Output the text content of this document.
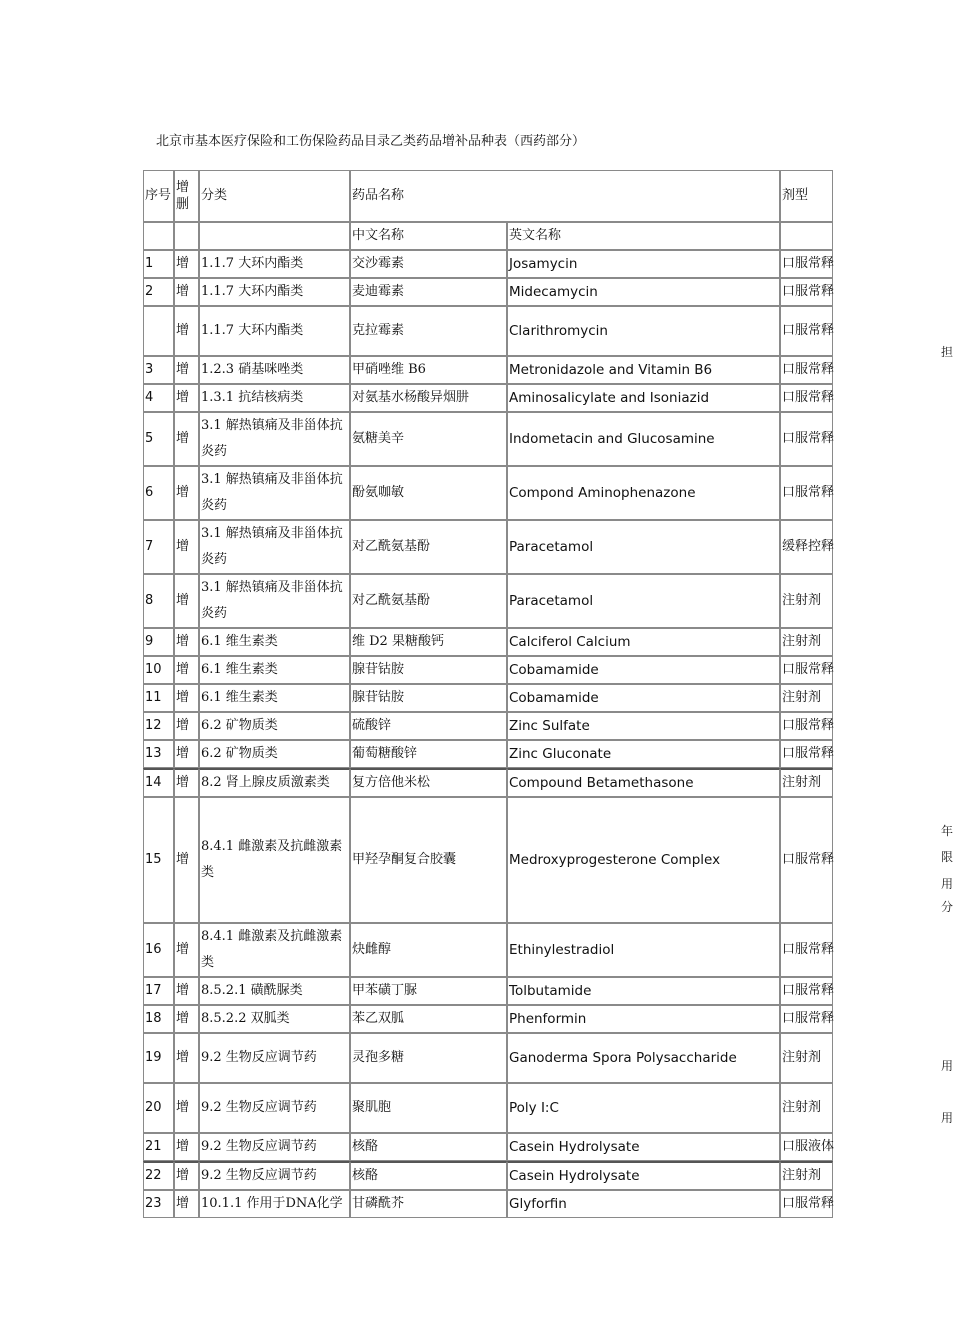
北京市基本医疗保险和工伤保险药品目录乙类药品增补品种表（西药部分）
序号	增删	分类	药品名称		剂型
			中文名称	英文名称	
1	增	1.1.7 大环内酯类	交沙霉素	Josamycin	口服常释
2	增	1.1.7 大环内酯类	麦迪霉素	Midecamycin	口服常释
	增	1.1.7 大环内酯类	克拉霉素	Clarithromycin	口服常释
3	增	1.2.3 硝基咪唑类	甲硝唑维 B6	Metronidazole and Vitamin B6	口服常释
4	增	1.3.1 抗结核病类	对氨基水杨酸异烟肼	Aminosalicylate and Isoniazid	口服常释
5	增	3.1 解热镇痛及非甾体抗炎药	氨糖美辛	Indometacin and Glucosamine	口服常释
6	增	3.1 解热镇痛及非甾体抗炎药	酚氨咖敏	Compond Aminophenazone	口服常释
7	增	3.1 解热镇痛及非甾体抗炎药	对乙酰氨基酚	Paracetamol	缓释控释
8	增	3.1 解热镇痛及非甾体抗炎药	对乙酰氨基酚	Paracetamol	注射剂
9	增	6.1 维生素类	维 D2 果糖酸钙	Calciferol Calcium	注射剂
10	增	6.1 维生素类	腺苷钴胺	Cobamamide	口服常释
11	增	6.1 维生素类	腺苷钴胺	Cobamamide	注射剂
12	增	6.2 矿物质类	硫酸锌	Zinc Sulfate	口服常释
13	增	6.2 矿物质类	葡萄糖酸锌	Zinc Gluconate	口服常释
14	增	8.2 肾上腺皮质激素类	复方倍他米松	Compound Betamethasone	注射剂
15	增	8.4.1 雌激素及抗雌激素类	甲羟孕酮复合胶囊	Medroxyprogesterone Complex	口服常释
16	增	8.4.1 雌激素及抗雌激素类	炔雌醇	Ethinylestradiol	口服常释
17	增	8.5.2.1 磺酰脲类	甲苯磺丁脲	Tolbutamide	口服常释
18	增	8.5.2.2 双胍类	苯乙双胍	Phenformin	口服常释
19	增	9.2 生物反应调节药	灵孢多糖	Ganoderma Spora Polysaccharide	注射剂
20	增	9.2 生物反应调节药	聚肌胞	Poly I:C	注射剂
21	增	9.2 生物反应调节药	核酪	Casein Hydrolysate	口服液体
22	增	9.2 生物反应调节药	核酪	Casein Hydrolysate	注射剂
23	增	10.1.1 作用于DNA化学	甘磷酰芥	Glyforfin	口服常释
担
年
限
用
分
用
用
